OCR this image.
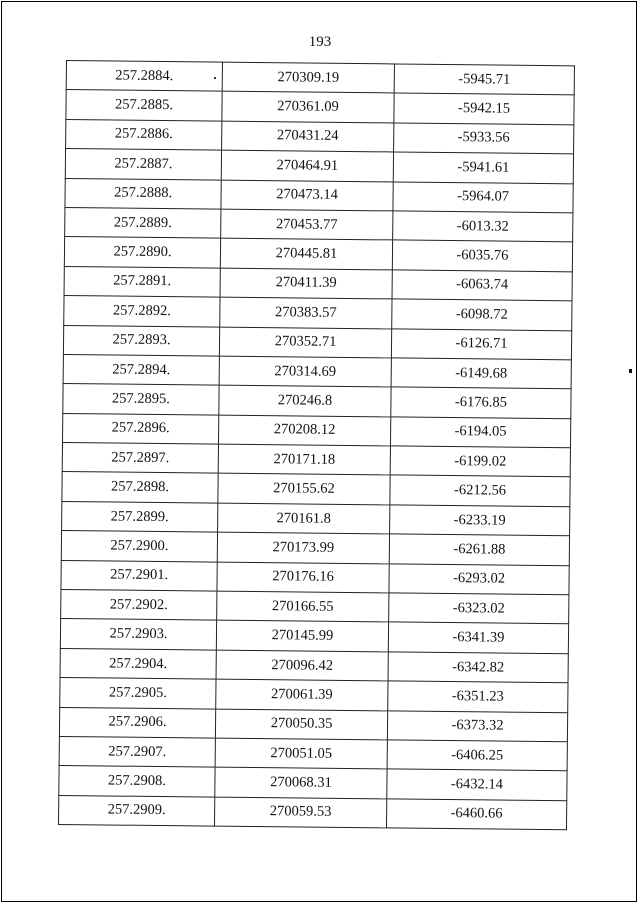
193
257.2884.	270309.19	-5945.71
257.2885.	270361.09	-5942.15
257.2886.	270431.24	-5933.56
257.2887.	270464.91	-5941.61
257.2888.	270473.14	-5964.07
257.2889.	270453.77	-6013.32
257.2890.	270445.81	-6035.76
257.2891.	270411.39	-6063.74
257.2892.	270383.57	-6098.72
257.2893.	270352.71	-6126.71
257.2894.	270314.69	-6149.68
257.2895.	270246.8	-6176.85
257.2896.	270208.12	-6194.05
257.2897.	270171.18	-6199.02
257.2898.	270155.62	-6212.56
257.2899.	270161.8	-6233.19
257.2900.	270173.99	-6261.88
257.2901.	270176.16	-6293.02
257.2902.	270166.55	-6323.02
257.2903.	270145.99	-6341.39
257.2904.	270096.42	-6342.82
257.2905.	270061.39	-6351.23
257.2906.	270050.35	-6373.32
257.2907.	270051.05	-6406.25
257.2908.	270068.31	-6432.14
257.2909.	270059.53	-6460.66
